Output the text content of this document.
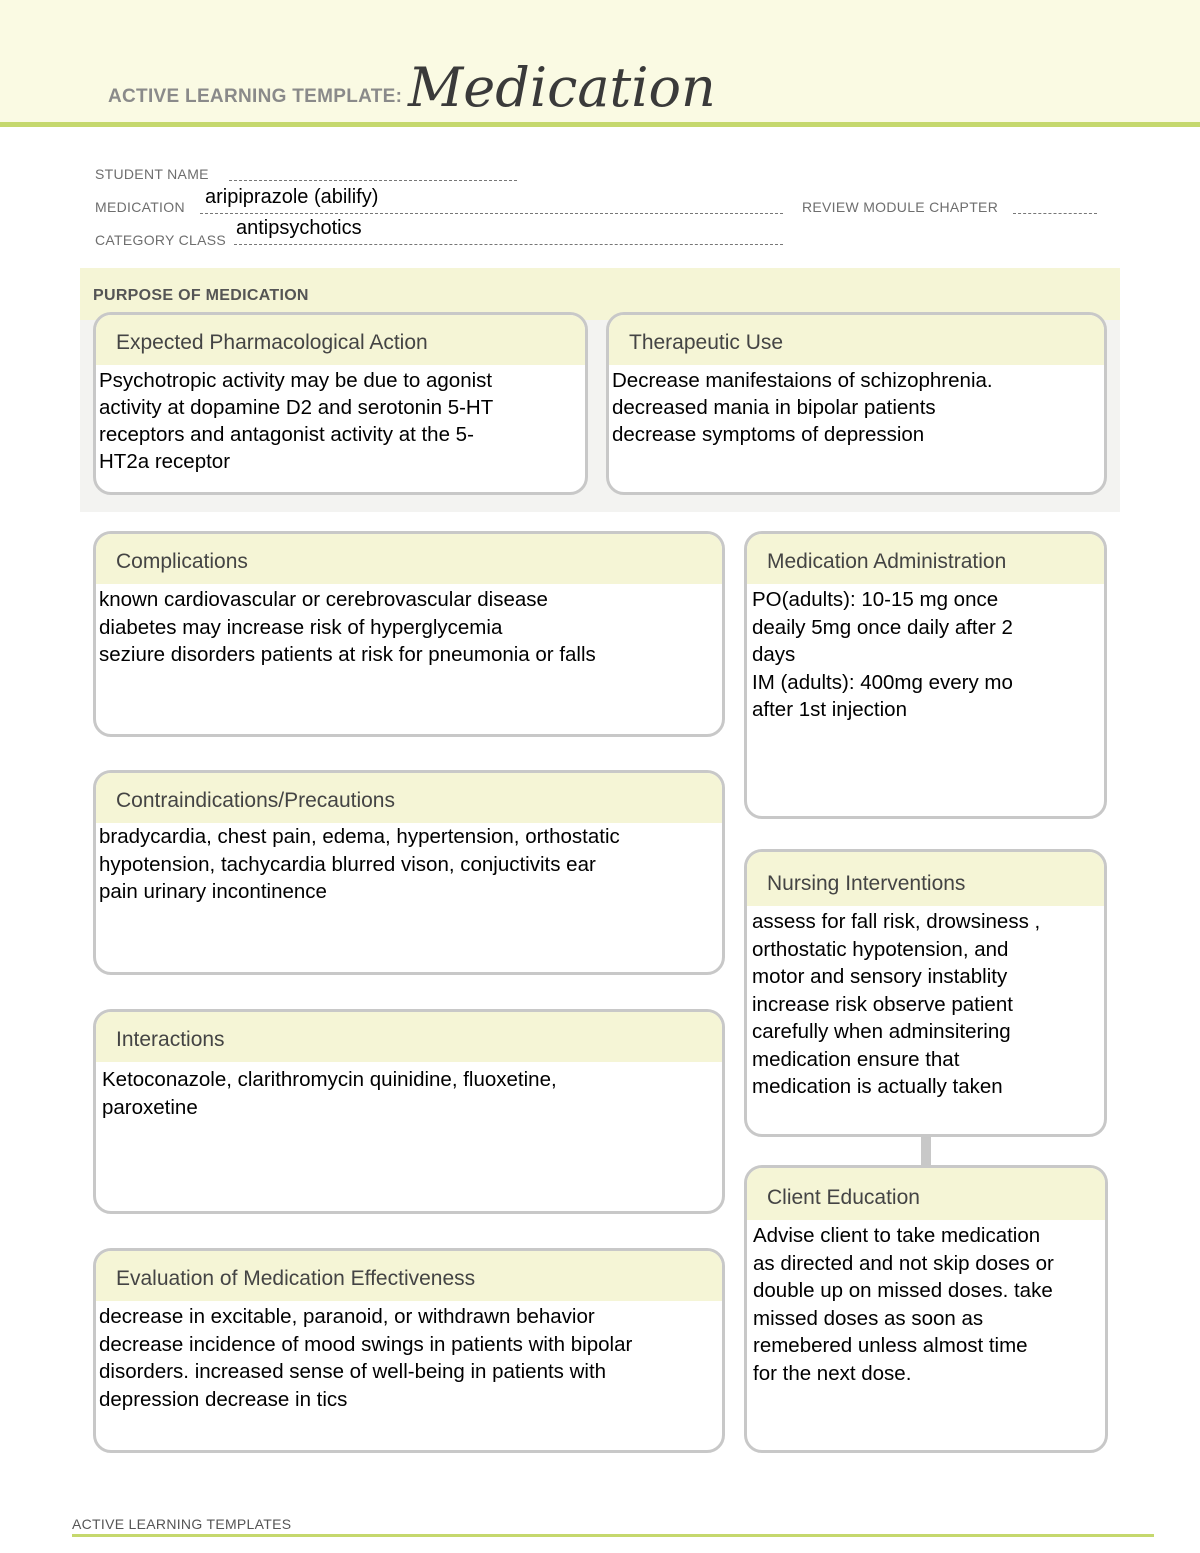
ACTIVE LEARNING TEMPLATE: Medication
STUDENT NAME
MEDICATION aripiprazole (abilify)	REVIEW MODULE CHAPTER
CATEGORY CLASS
antipsychotics
PURPOSE OF MEDICATION
Expected Pharmacological Action

Psychotropic activity may be due to agonist

activity at dopamine D2 and serotonin 5-HT

receptors and antagonist activity at the 5-

HT2a receptor

Therapeutic Use

Decrease manifestaions of schizophrenia.

decreased mania in bipolar patients

decrease symptoms of depression

Complications

known cardiovascular or cerebrovascular disease

diabetes may increase risk of hyperglycemia

seziure disorders patients at risk for pneumonia or falls

Contraindications/Precautions

bradycardia, chest pain, edema, hypertension, orthostatic

hypotension, tachycardia blurred vison, conjuctivits ear

pain urinary incontinence

Interactions

Ketoconazole, clarithromycin quinidine, fluoxetine,

paroxetine

Evaluation of Medication Effectiveness

decrease in excitable, paranoid, or withdrawn behavior

decrease incidence of mood swings in patients with bipolar

disorders. increased sense of well-being in patients with

depression decrease in tics

Medication Administration

PO(adults): 10-15 mg once

deaily 5mg once daily after 2

days

IM (adults): 400mg every mo

after 1st injection

Nursing Interventions

assess for fall risk, drowsiness ,

orthostatic hypotension, and

motor and sensory instablity

increase risk observe patient

carefully when adminsitering

medication ensure that

medication is actually taken

Client Education

Advise client to take medication

as directed and not skip doses or

double up on missed doses. take

missed doses as soon as

remebered unless almost time

for the next dose.

ACTIVE LEARNING TEMPLATES
